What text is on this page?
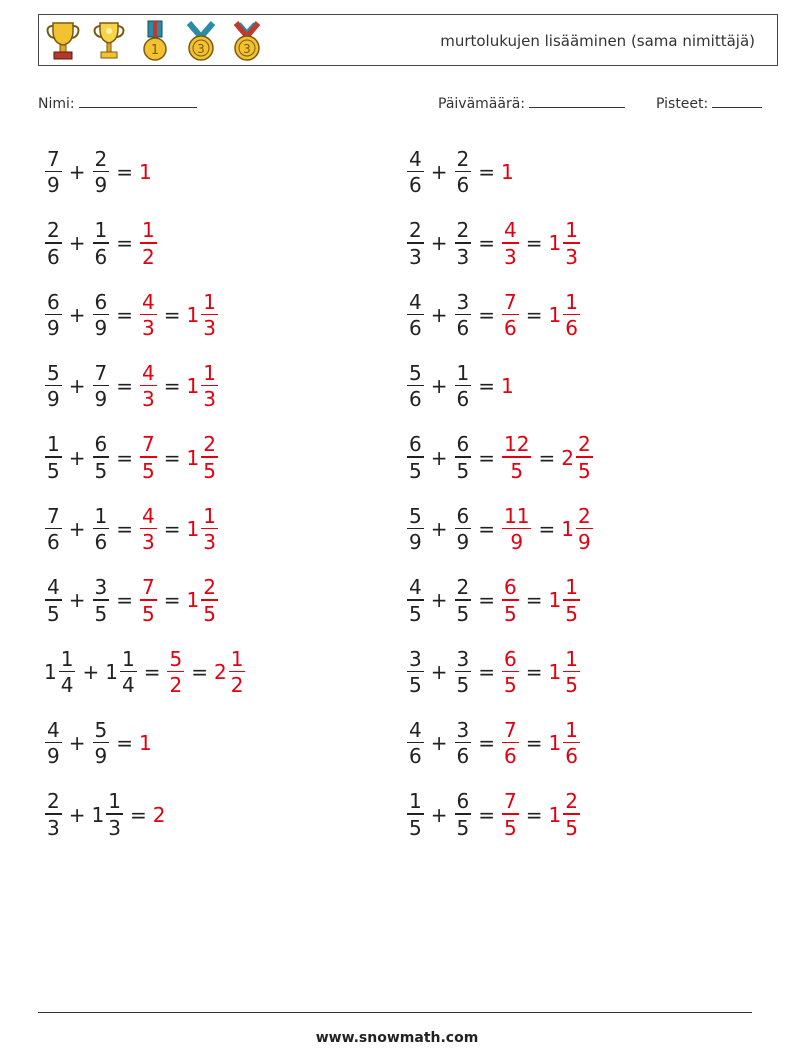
1	3	3	murtolukujen lisääminen (sama nimittäjä)
Nimi:	Päivämäärä:	Pisteet:
$\frac{7}{9} + \frac{2}{9} = 1$	$\frac{4}{6} + \frac{2}{6} = 1$
$\frac{2}{6} + \frac{1}{6} = \frac{1}{2}$	$\frac{2}{3} + \frac{2}{3} = \frac{4}{3} = 1 \frac{1}{3}$
$\frac{6}{9} + \frac{6}{9} = \frac{4}{3} = 1 \frac{1}{3}$	$\frac{4}{6} + \frac{3}{6} = \frac{7}{6} = 1 \frac{1}{6}$
$\frac{5}{9} + \frac{7}{9} = \frac{4}{3} = 1 \frac{1}{3}$	$\frac{5}{6} + \frac{1}{6} = 1$
$\frac{1}{5} + \frac{6}{5} = \frac{7}{5} = 1 \frac{2}{5}$	$\frac{6}{5} + \frac{6}{5} = \frac{12}{5} = 2 \frac{2}{5}$
$\frac{7}{6} + \frac{1}{6} = \frac{4}{3} = 1 \frac{1}{3}$	$\frac{5}{9} + \frac{6}{9} = \frac{11}{9} = 1 \frac{2}{9}$
$\frac{4}{5} + \frac{3}{5} = \frac{7}{5} = 1 \frac{2}{5}$	$\frac{4}{5} + \frac{2}{5} = \frac{6}{5} = 1 \frac{1}{5}$
$1 \frac{1}{4} + 1 \frac{1}{4} = \frac{5}{2} = 2 \frac{1}{2}$	$\frac{3}{5} + \frac{3}{5} = \frac{6}{5} = 1 \frac{1}{5}$
$\frac{4}{9} + \frac{5}{9} = 1$	$\frac{4}{6} + \frac{3}{6} = \frac{7}{6} = 1 \frac{1}{6}$
$\frac{2}{3} + 1 \frac{1}{3} = 2$	$\frac{1}{5} + \frac{6}{5} = \frac{7}{5} = 1 \frac{2}{5}$
www.snowmath.com
